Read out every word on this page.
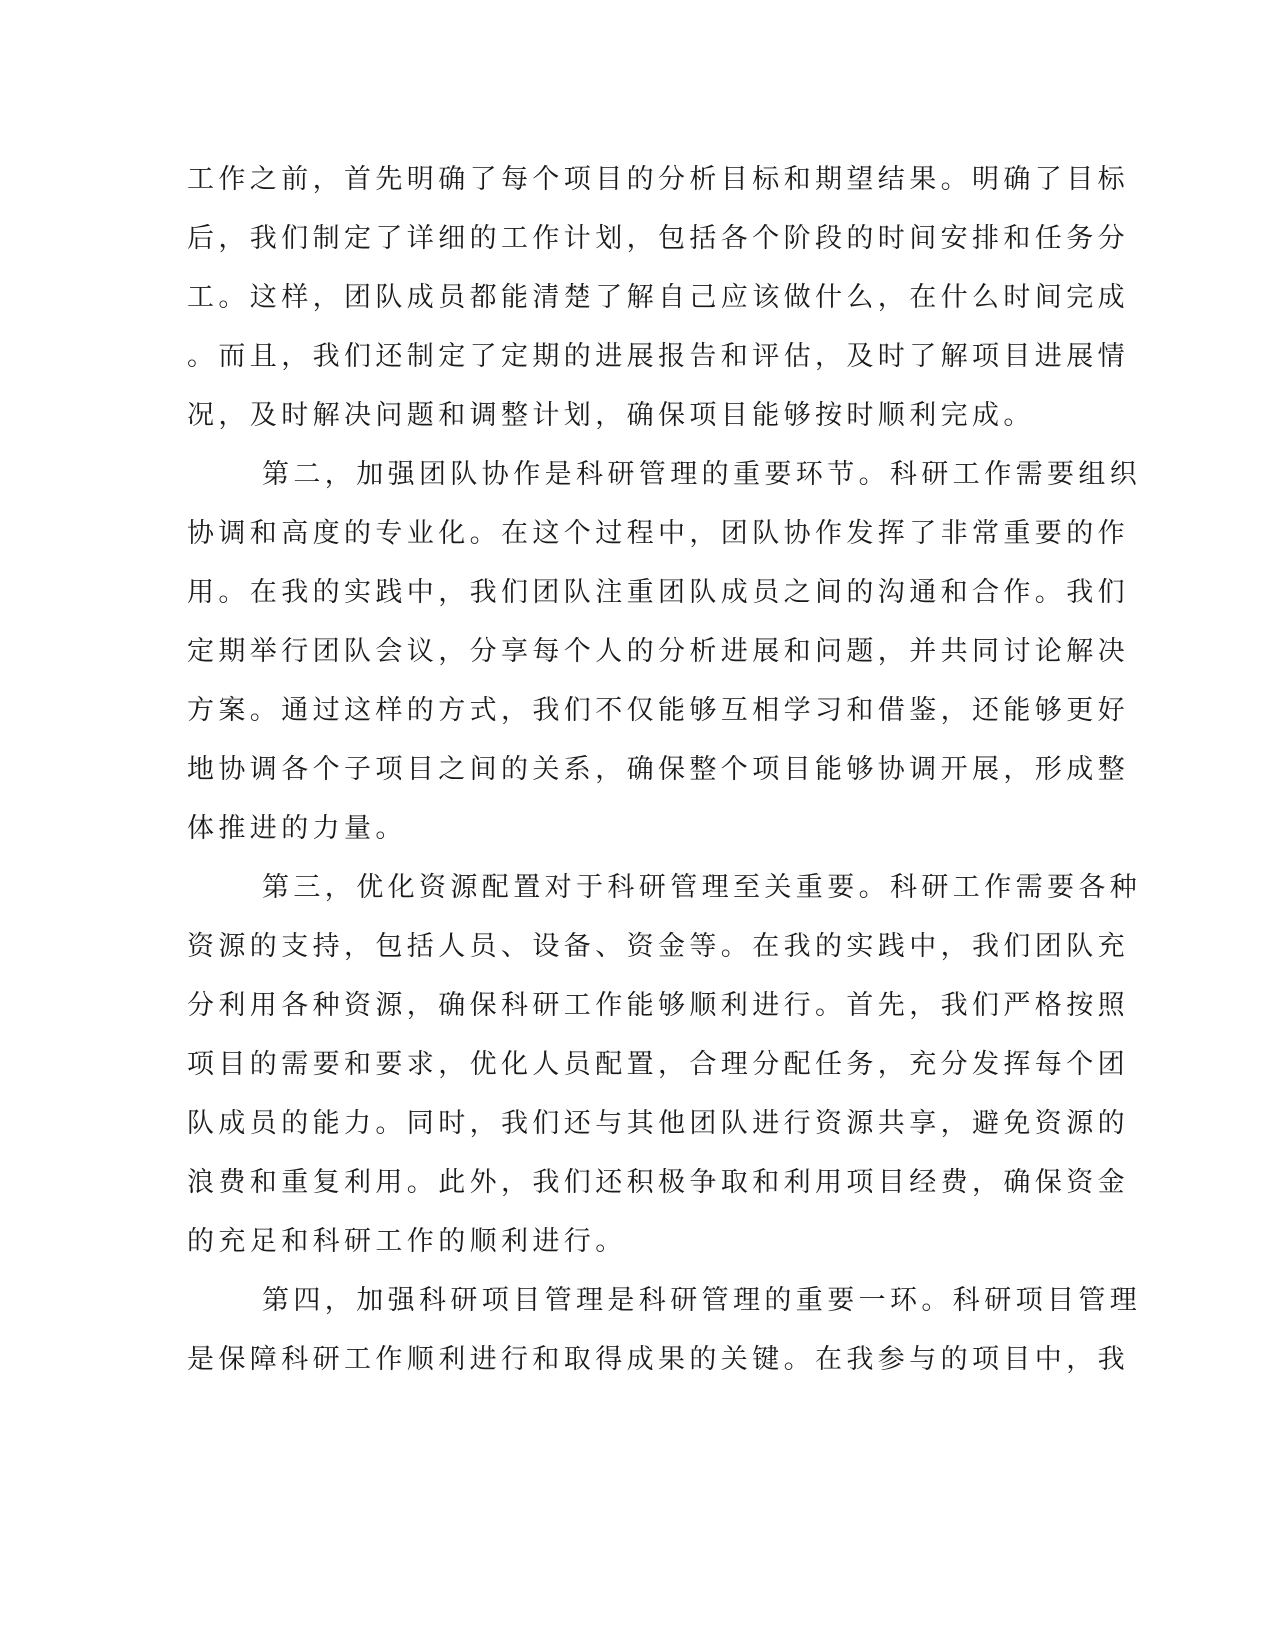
工作之前，首先明确了每个项目的分析目标和期望结果。明确了目标
后，我们制定了详细的工作计划，包括各个阶段的时间安排和任务分
工。这样，团队成员都能清楚了解自己应该做什么，在什么时间完成
。而且，我们还制定了定期的进展报告和评估，及时了解项目进展情
况，及时解决问题和调整计划，确保项目能够按时顺利完成。
第二，加强团队协作是科研管理的重要环节。科研工作需要组织
协调和高度的专业化。在这个过程中，团队协作发挥了非常重要的作
用。在我的实践中，我们团队注重团队成员之间的沟通和合作。我们
定期举行团队会议，分享每个人的分析进展和问题，并共同讨论解决
方案。通过这样的方式，我们不仅能够互相学习和借鉴，还能够更好
地协调各个子项目之间的关系，确保整个项目能够协调开展，形成整
体推进的力量。
第三，优化资源配置对于科研管理至关重要。科研工作需要各种
资源的支持，包括人员、设备、资金等。在我的实践中，我们团队充
分利用各种资源，确保科研工作能够顺利进行。首先，我们严格按照
项目的需要和要求，优化人员配置，合理分配任务，充分发挥每个团
队成员的能力。同时，我们还与其他团队进行资源共享，避免资源的
浪费和重复利用。此外，我们还积极争取和利用项目经费，确保资金
的充足和科研工作的顺利进行。
第四，加强科研项目管理是科研管理的重要一环。科研项目管理
是保障科研工作顺利进行和取得成果的关键。在我参与的项目中，我
